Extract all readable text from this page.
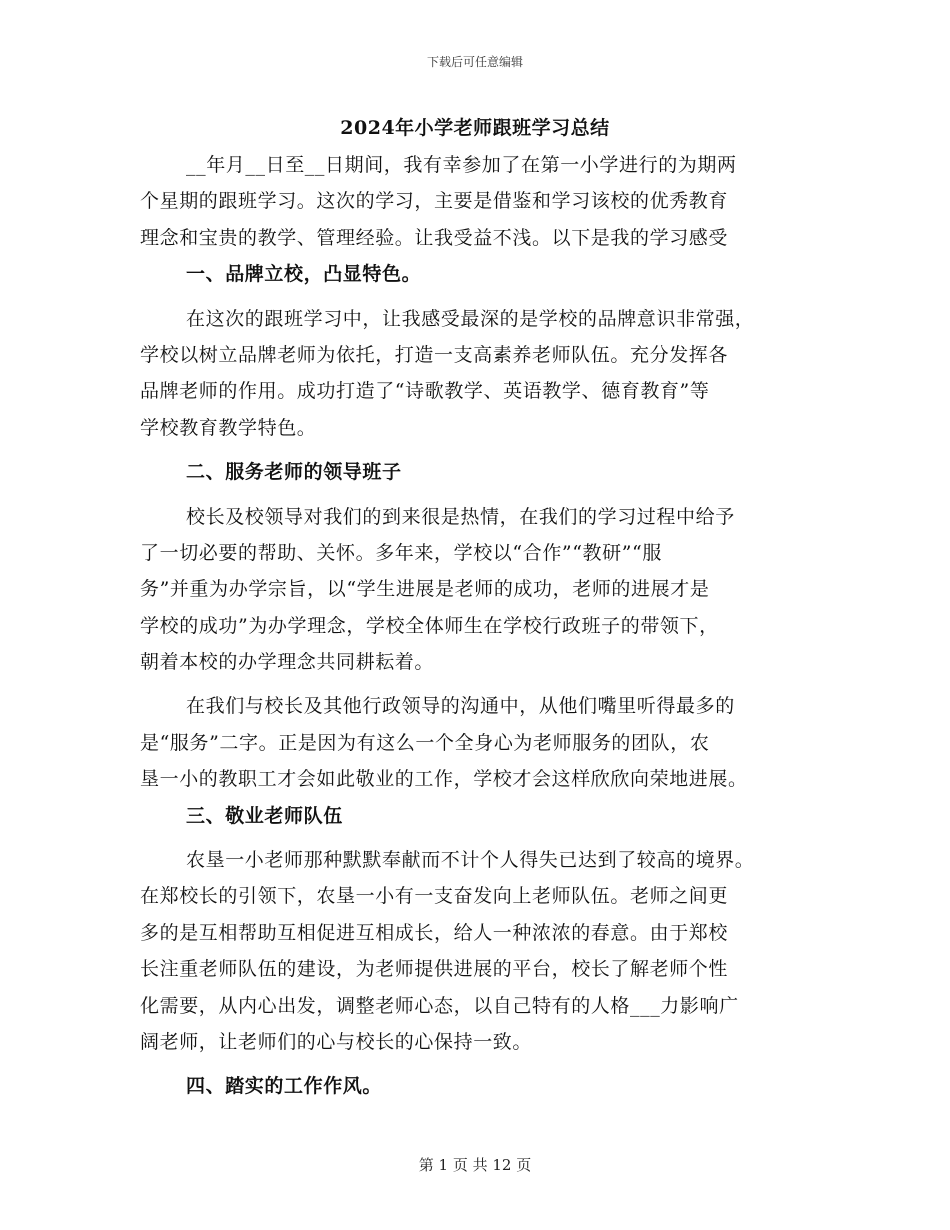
下载后可任意编辑
2024年小学老师跟班学习总结
__年月__日至__日期间，我有幸参加了在第一小学进行的为期两
个星期的跟班学习。这次的学习，主要是借鉴和学习该校的优秀教育
理念和宝贵的教学、管理经验。让我受益不浅。以下是我的学习感受
一、品牌立校，凸显特色。
在这次的跟班学习中，让我感受最深的是学校的品牌意识非常强，
学校以树立品牌老师为依托，打造一支高素养老师队伍。充分发挥各
品牌老师的作用。成功打造了“诗歌教学、英语教学、德育教育”等
学校教育教学特色。
二、服务老师的领导班子
校长及校领导对我们的到来很是热情，在我们的学习过程中给予
了一切必要的帮助、关怀。多年来，学校以“合作”“教研”“服
务”并重为办学宗旨，以“学生进展是老师的成功，老师的进展才是
学校的成功”为办学理念，学校全体师生在学校行政班子的带领下，
朝着本校的办学理念共同耕耘着。
在我们与校长及其他行政领导的沟通中，从他们嘴里听得最多的
是“服务”二字。正是因为有这么一个全身心为老师服务的团队，农
垦一小的教职工才会如此敬业的工作，学校才会这样欣欣向荣地进展。
三、敬业老师队伍
农垦一小老师那种默默奉献而不计个人得失已达到了较高的境界。
在郑校长的引领下，农垦一小有一支奋发向上老师队伍。老师之间更
多的是互相帮助互相促进互相成长，给人一种浓浓的春意。由于郑校
长注重老师队伍的建设，为老师提供进展的平台，校长了解老师个性
化需要，从内心出发，调整老师心态，以自己特有的人格___力影响广
阔老师，让老师们的心与校长的心保持一致。
四、踏实的工作作风。
第 1 页 共 12 页
